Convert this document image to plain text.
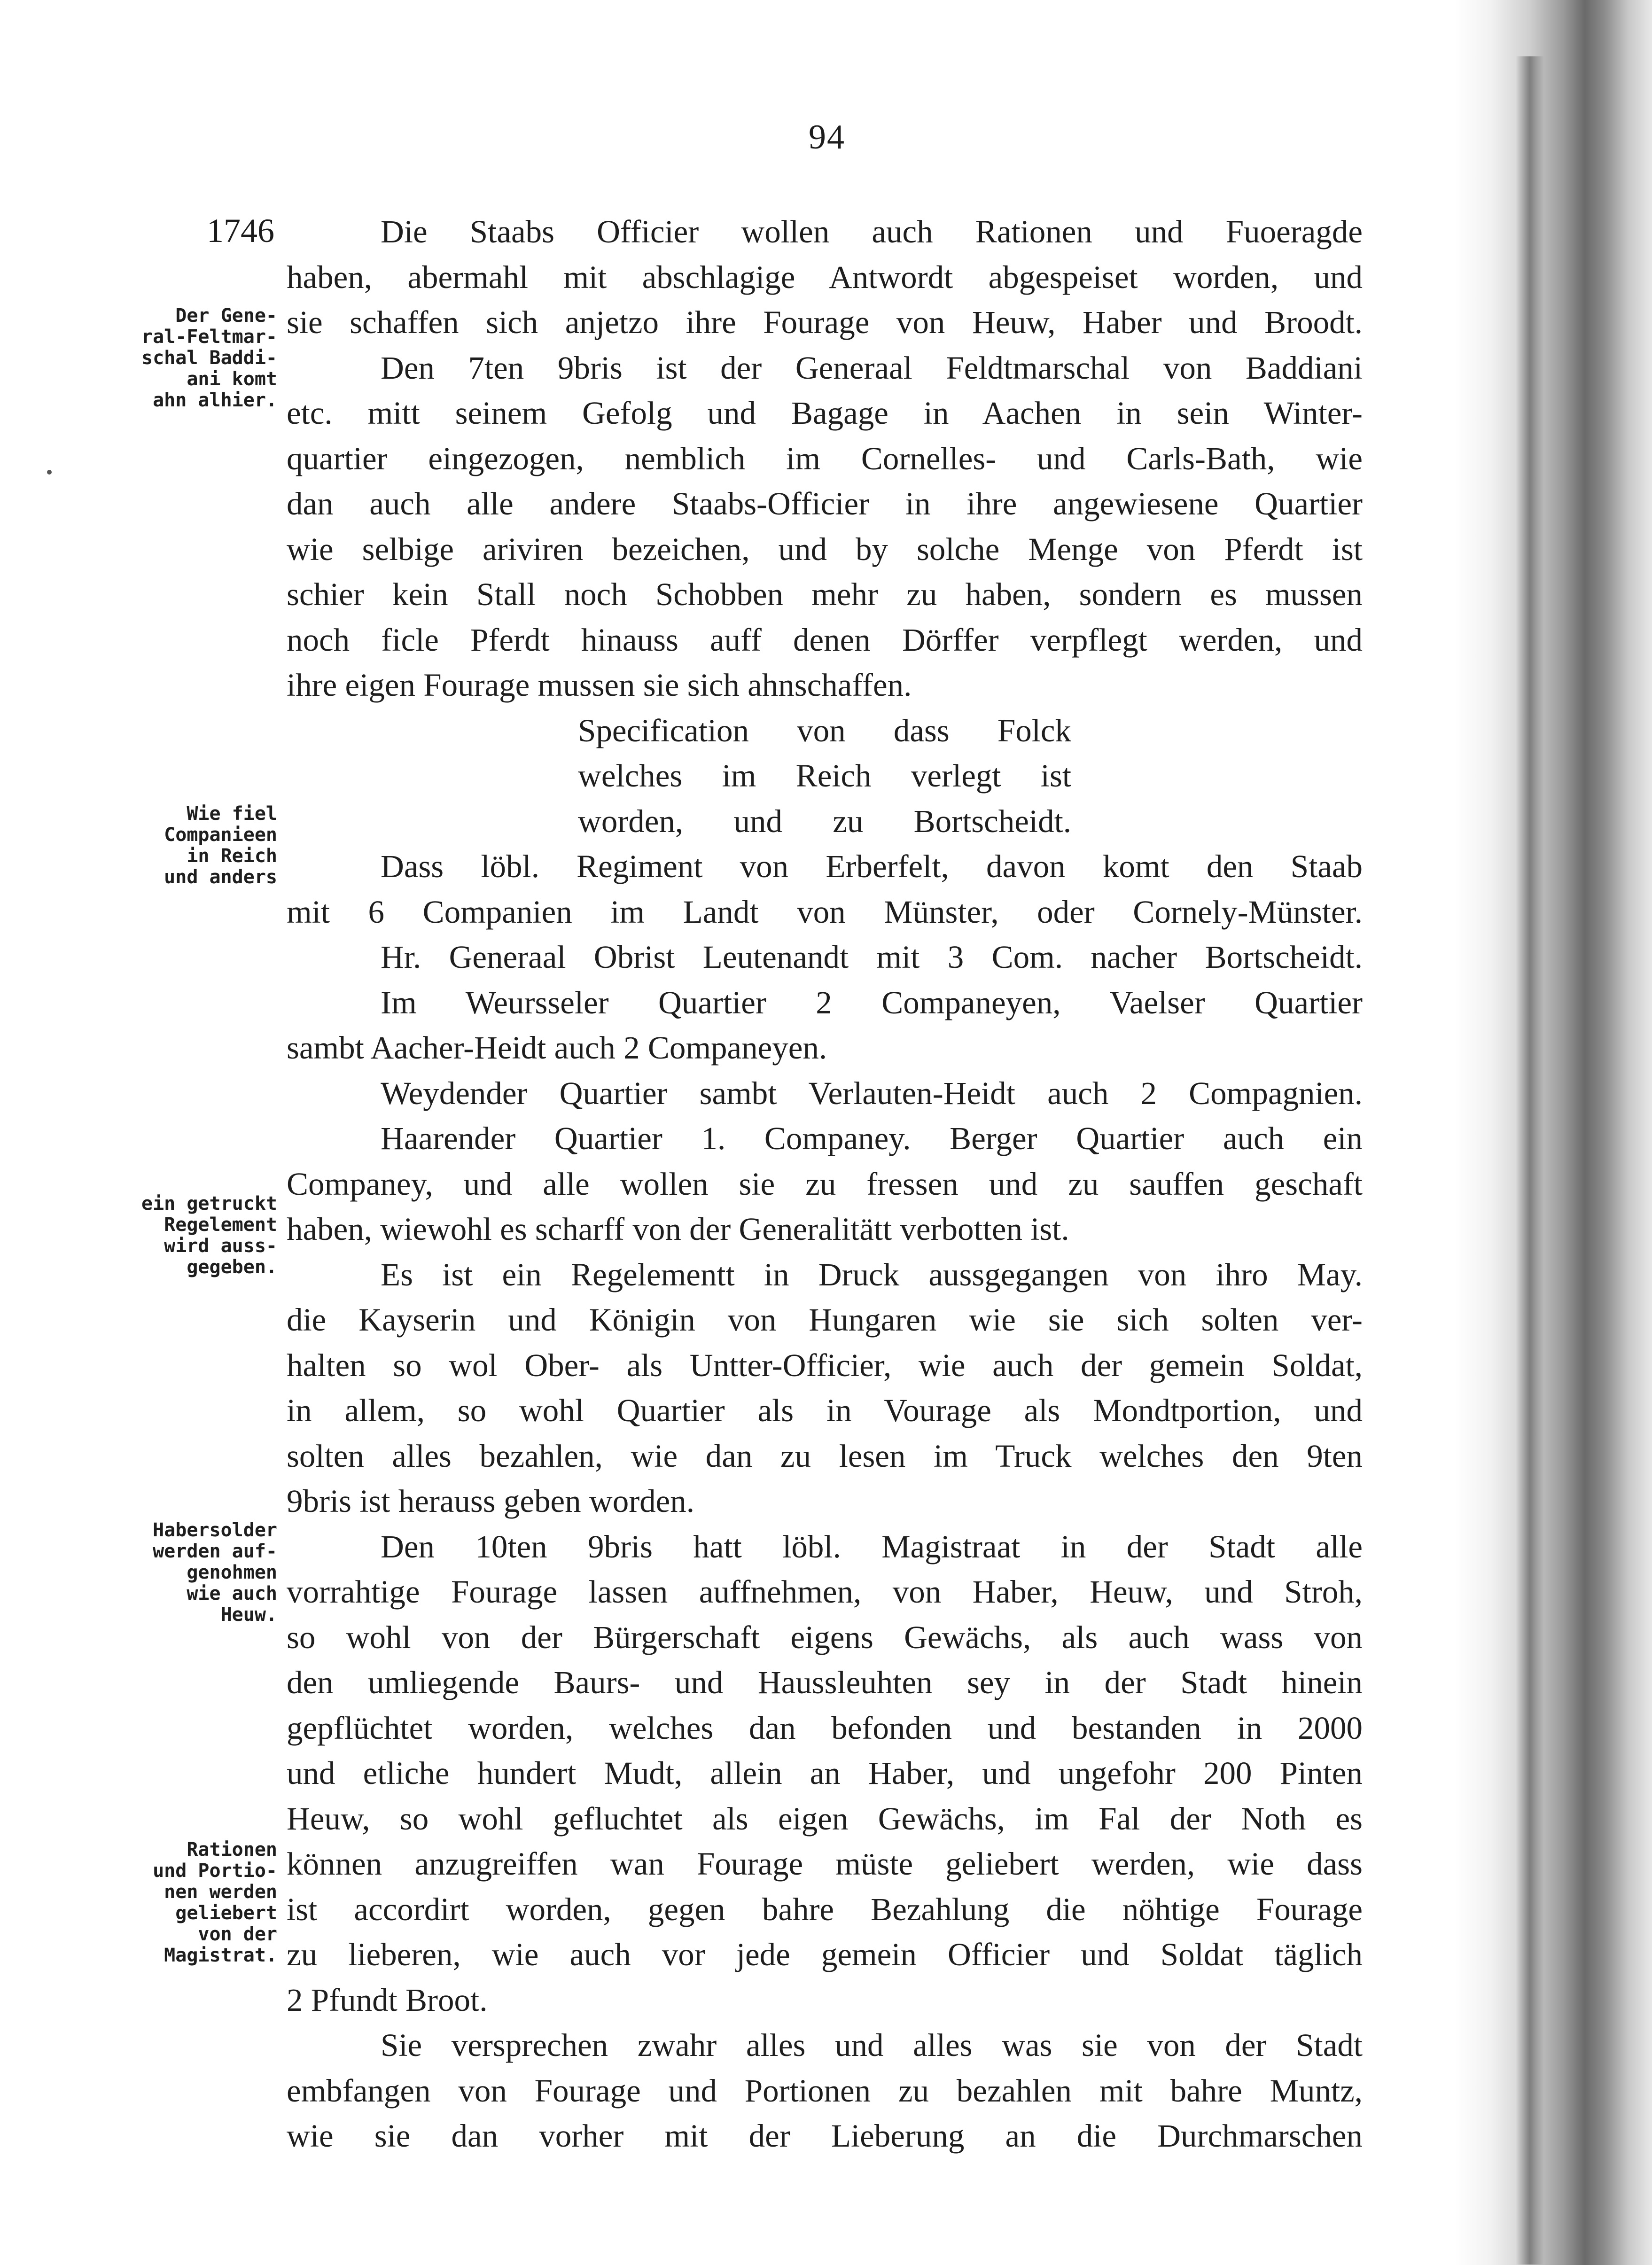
94
1746
Der Gene-
ral-Feltmar-
schal Baddi-
ani komt
ahn alhier.
Wie fiel
Companieen
in Reich
und anders
ein getruckt
Regelement
wird auss-
gegeben.
Habersolder
werden auf-
genohmen
wie auch
Heuw.
Rationen
und Portio-
nen werden
geliebert
von der
Magistrat.
Die Staabs Officier wollen auch Rationen und Fuoeragde
haben, abermahl mit abschlagige Antwordt abgespeiset worden, und
sie schaffen sich anjetzo ihre Fourage von Heuw, Haber und Broodt.
Den 7ten 9bris ist der Generaal Feldtmarschal von Baddiani
etc. mitt seinem Gefolg und Bagage in Aachen in sein Winter-
quartier eingezogen, nemblich im Cornelles- und Carls-Bath, wie
dan auch alle andere Staabs-Officier in ihre angewiesene Quartier
wie selbige ariviren bezeichen, und by solche Menge von Pferdt ist
schier kein Stall noch Schobben mehr zu haben, sondern es mussen
noch ficle Pferdt hinauss auff denen Dörffer verpflegt werden, und
ihre eigen Fourage mussen sie sich ahnschaffen.
Specification von dass Folck
welches im Reich verlegt ist
worden, und zu Bortscheidt.
Dass löbl. Regiment von Erberfelt, davon komt den Staab
mit 6 Companien im Landt von Münster, oder Cornely-Münster.
Hr. Generaal Obrist Leutenandt mit 3 Com. nacher Bortscheidt.
Im Weursseler Quartier 2 Companeyen, Vaelser Quartier
sambt Aacher-Heidt auch 2 Companeyen.
Weydender Quartier sambt Verlauten-Heidt auch 2 Compagnien.
Haarender Quartier 1. Companey. Berger Quartier auch ein
Companey, und alle wollen sie zu fressen und zu sauffen geschaft
haben, wiewohl es scharff von der Generalitätt verbotten ist.
Es ist ein Regelementt in Druck aussgegangen von ihro May.
die Kayserin und Königin von Hungaren wie sie sich solten ver-
halten so wol Ober- als Untter-Officier, wie auch der gemein Soldat,
in allem, so wohl Quartier als in Vourage als Mondtportion, und
solten alles bezahlen, wie dan zu lesen im Truck welches den 9ten
9bris ist herauss geben worden.
Den 10ten 9bris hatt löbl. Magistraat in der Stadt alle
vorrahtige Fourage lassen auffnehmen, von Haber, Heuw, und Stroh,
so wohl von der Bürgerschaft eigens Gewächs, als auch wass von
den umliegende Baurs- und Haussleuhten sey in der Stadt hinein
gepflüchtet worden, welches dan befonden und bestanden in 2000
und etliche hundert Mudt, allein an Haber, und ungefohr 200 Pinten
Heuw, so wohl gefluchtet als eigen Gewächs, im Fal der Noth es
können anzugreiffen wan Fourage müste geliebert werden, wie dass
ist accordirt worden, gegen bahre Bezahlung die nöhtige Fourage
zu lieberen, wie auch vor jede gemein Officier und Soldat täglich
2 Pfundt Broot.
Sie versprechen zwahr alles und alles was sie von der Stadt
embfangen von Fourage und Portionen zu bezahlen mit bahre Muntz,
wie sie dan vorher mit der Lieberung an die Durchmarschen
